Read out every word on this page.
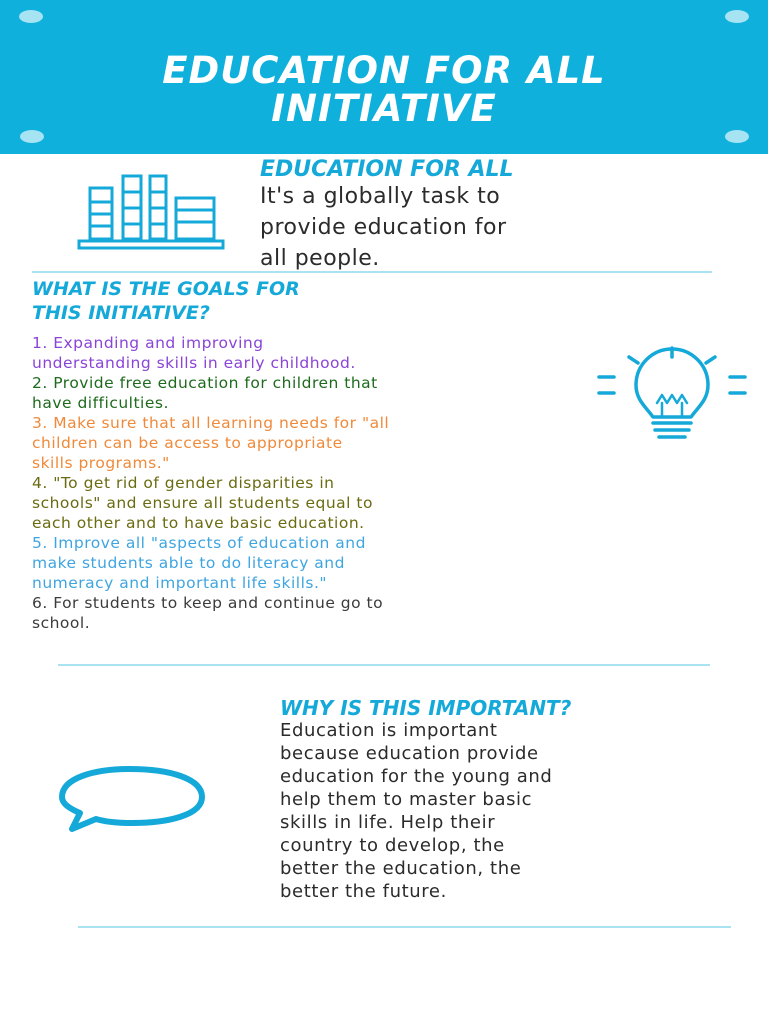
EDUCATION FOR ALL
INITIATIVE
EDUCATION FOR ALL
It's a globally task to
provide education for
all people.
WHAT IS THE GOALS FOR
THIS INITIATIVE?
1. Expanding and improving
understanding skills in early childhood.
2. Provide free education for children that
have difficulties.
3. Make sure that all learning needs for "all
children can be access to appropriate
skills programs."
4. "To get rid of gender disparities in
schools" and ensure all students equal to
each other and to have basic education.
5. Improve all "aspects of education and
make students able to do literacy and
numeracy and important life skills."
6. For students to keep and continue go to
school.
WHY IS THIS IMPORTANT?
Education is important
because education provide
education for the young and
help them to master basic
skills in life. Help their
country to develop, the
better the education, the
better the future.
